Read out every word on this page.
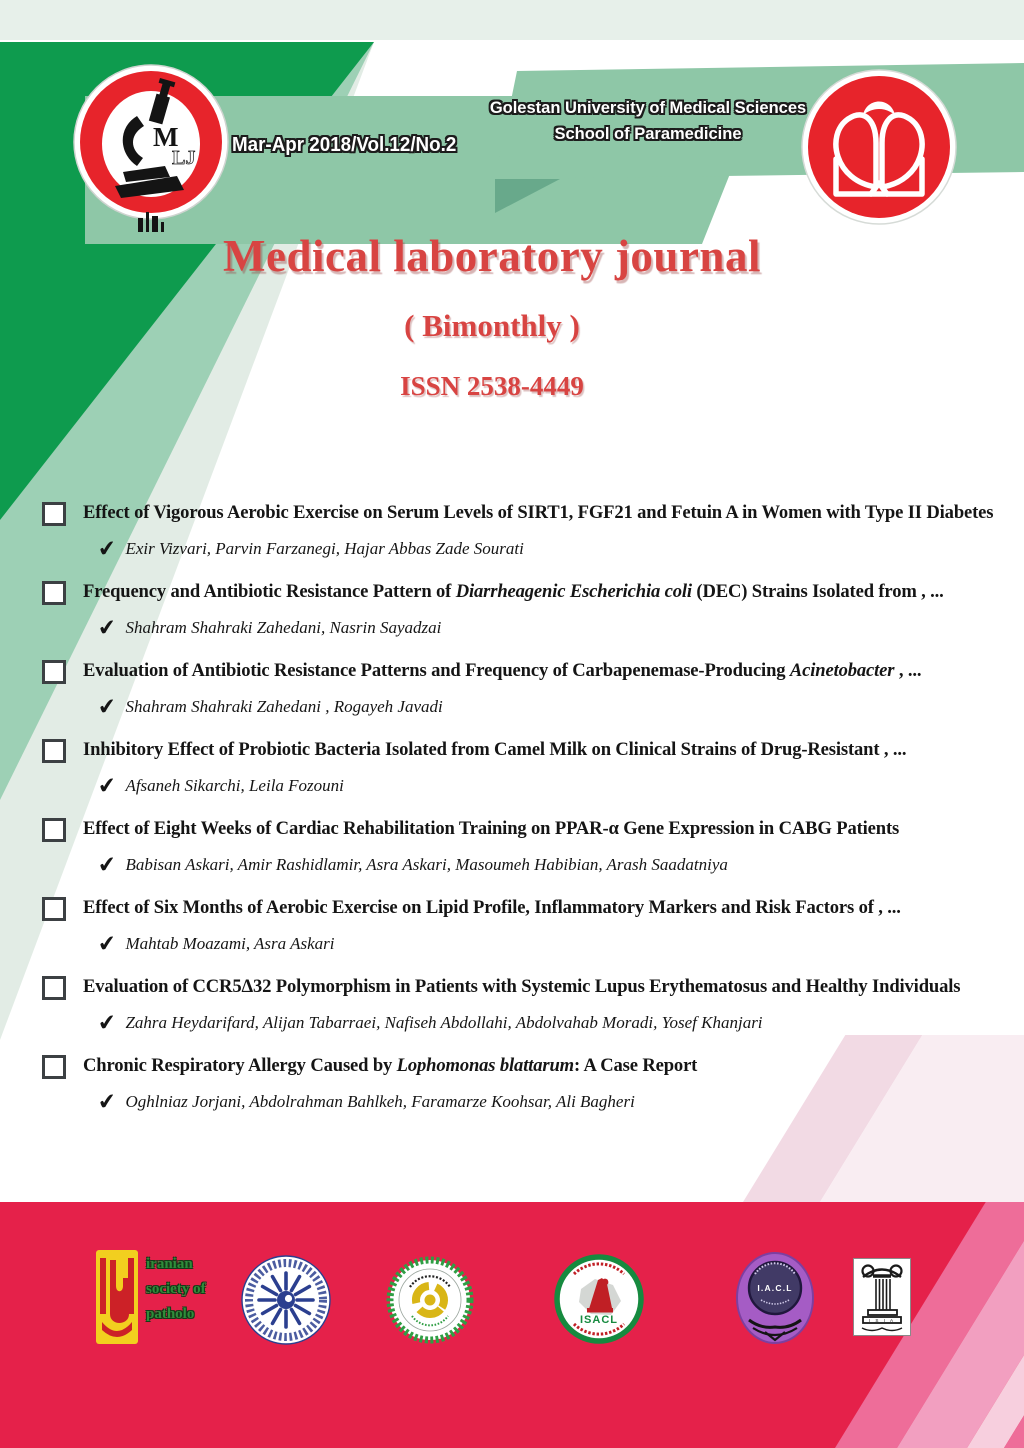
M
LJ
Mar-Apr 2018/Vol.12/No.2
Golestan University of Medical Sciences
School of Paramedicine
Medical laboratory journal
( Bimonthly )
ISSN 2538-4449
Effect of Vigorous Aerobic Exercise on Serum Levels of SIRT1, FGF21 and Fetuin A in Women with Type II Diabetes
✔ Exir Vizvari, Parvin Farzanegi, Hajar Abbas Zade Sourati
Frequency and Antibiotic Resistance Pattern of Diarrheagenic Escherichia coli (DEC) Strains Isolated from , ...
✔ Shahram Shahraki Zahedani, Nasrin Sayadzai
Evaluation of Antibiotic Resistance Patterns and Frequency of Carbapenemase-Producing Acinetobacter , ...
✔ Shahram Shahraki Zahedani , Rogayeh Javadi
Inhibitory Effect of Probiotic Bacteria Isolated from Camel Milk on Clinical Strains of Drug-Resistant , ...
✔ Afsaneh Sikarchi, Leila Fozouni
Effect of Eight Weeks of Cardiac Rehabilitation Training on PPAR-α Gene Expression in CABG Patients
✔ Babisan Askari, Amir Rashidlamir, Asra Askari, Masoumeh Habibian, Arash Saadatniya
Effect of Six Months of Aerobic Exercise on Lipid Profile, Inflammatory Markers and Risk Factors of , ...
✔ Mahtab Moazami, Asra Askari
Evaluation of CCR5Δ32 Polymorphism in Patients with Systemic Lupus Erythematosus and Healthy Individuals
✔ Zahra Heydarifard, Alijan Tabarraei, Nafiseh Abdollahi, Abdolvahab Moradi, Yosef Khanjari
Chronic Respiratory Allergy Caused by Lophomonas blattarum: A Case Report
✔ Oghlniaz Jorjani, Abdolrahman Bahlkeh, Faramarze Koohsar, Ali Bagheri
iranian
society of
patholo	ISACL
I.A.C.L
I S I A
